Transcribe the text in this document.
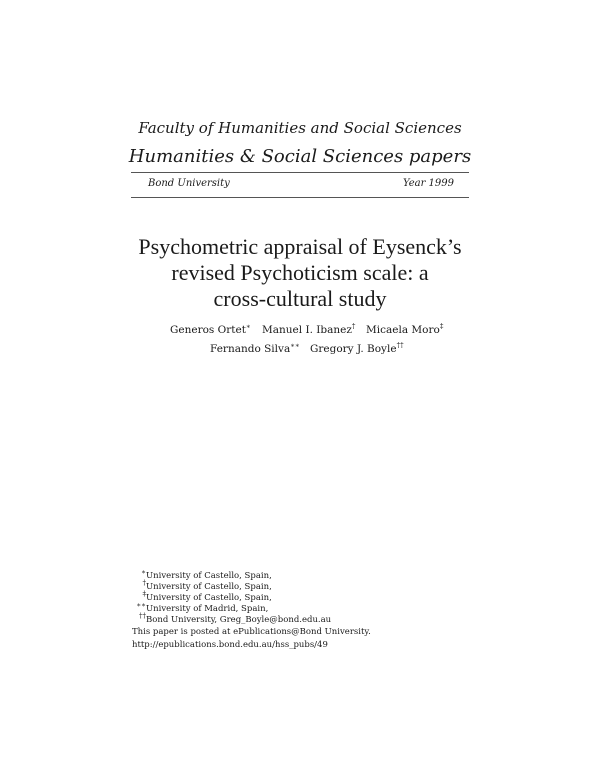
Faculty of Humanities and Social Sciences
Humanities & Social Sciences papers
Bond University	Year 1999
Psychometric appraisal of Eysenck’s
revised Psychoticism scale: a
cross-cultural study
Generos Ortet∗ Manuel I. Ibanez† Micaela Moro‡
Fernando Silva∗∗ Gregory J. Boyle††
∗University of Castello, Spain,
†University of Castello, Spain,
‡University of Castello, Spain,
∗∗University of Madrid, Spain,
††Bond University, Greg_Boyle@bond.edu.au
This paper is posted at ePublications@Bond University.
http://epublications.bond.edu.au/hss_pubs/49
